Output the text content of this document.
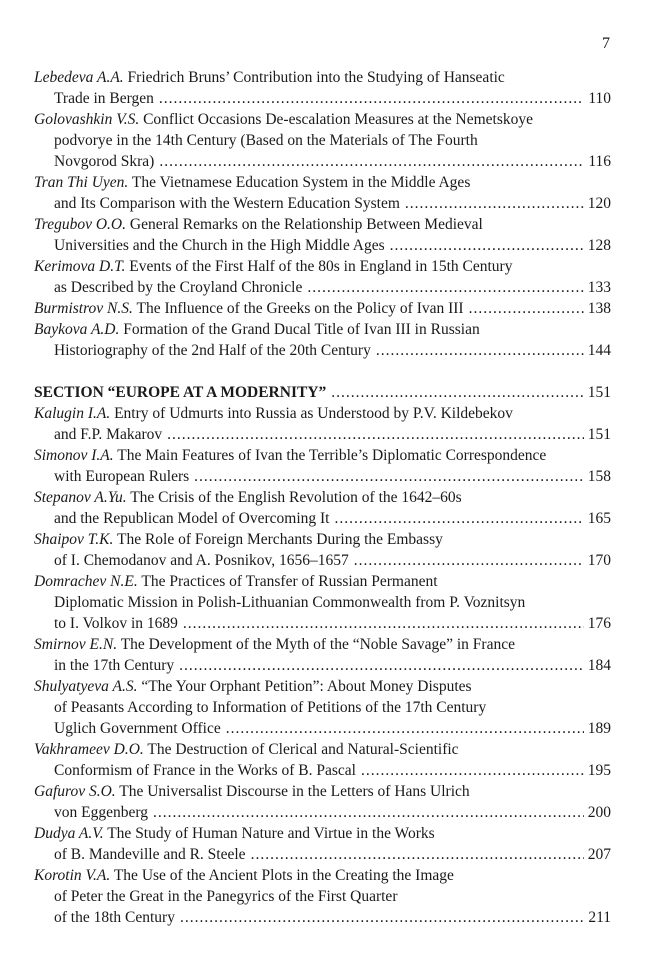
7
Lebedeva A.A. Friedrich Bruns’ Contribution into the Studying of Hanseatic
Trade in Bergen .....	110
Golovashkin V.S. Conflict Occasions De-escalation Measures at the Nemetskoye
podvorye in the 14th Century (Based on the Materials of The Fourth
Novgorod Skra) .....	116
Tran Thi Uyen. The Vietnamese Education System in the Middle Ages
and Its Comparison with the Western Education System .....	120
Tregubov O.O. General Remarks on the Relationship Between Medieval
Universities and the Church in the High Middle Ages .....	128
Kerimova D.T. Events of the First Half of the 80s in England in 15th Century
as Described by the Croyland Chronicle .....	133
Burmistrov N.S. The Influence of the Greeks on the Policy of Ivan III .....	138
Baykova A.D. Formation of the Grand Ducal Title of Ivan III in Russian
Historiography of the 2nd Half of the 20th Century .....	144
SECTION “EUROPE AT A MODERNITY” .....	151
Kalugin I.A. Entry of Udmurts into Russia as Understood by P.V. Kildebekov
and F.P. Makarov .....	151
Simonov I.A. The Main Features of Ivan the Terrible’s Diplomatic Correspondence
with European Rulers .....	158
Stepanov A.Yu. The Crisis of the English Revolution of the 1642–60s
and the Republican Model of Overcoming It .....	165
Shaipov T.K. The Role of Foreign Merchants During the Embassy
of I. Chemodanov and A. Posnikov, 1656–1657 .....	170
Domrachev N.E. The Practices of Transfer of Russian Permanent
Diplomatic Mission in Polish-Lithuanian Commonwealth from P. Voznitsyn
to I. Volkov in 1689 .....	176
Smirnov E.N. The Development of the Myth of the “Noble Savage” in France
in the 17th Century .....	184
Shulyatyeva A.S. “The Your Orphant Petition”: About Money Disputes
of Peasants According to Information of Petitions of the 17th Century
Uglich Government Office .....	189
Vakhrameev D.O. The Destruction of Clerical and Natural-Scientific
Conformism of France in the Works of B. Pascal .....	195
Gafurov S.O. The Universalist Discourse in the Letters of Hans Ulrich
von Eggenberg .....	200
Dudya A.V. The Study of Human Nature and Virtue in the Works
of B. Mandeville and R. Steele .....	207
Korotin V.A. The Use of the Ancient Plots in the Creating the Image
of Peter the Great in the Panegyrics of the First Quarter
of the 18th Century .....	211
